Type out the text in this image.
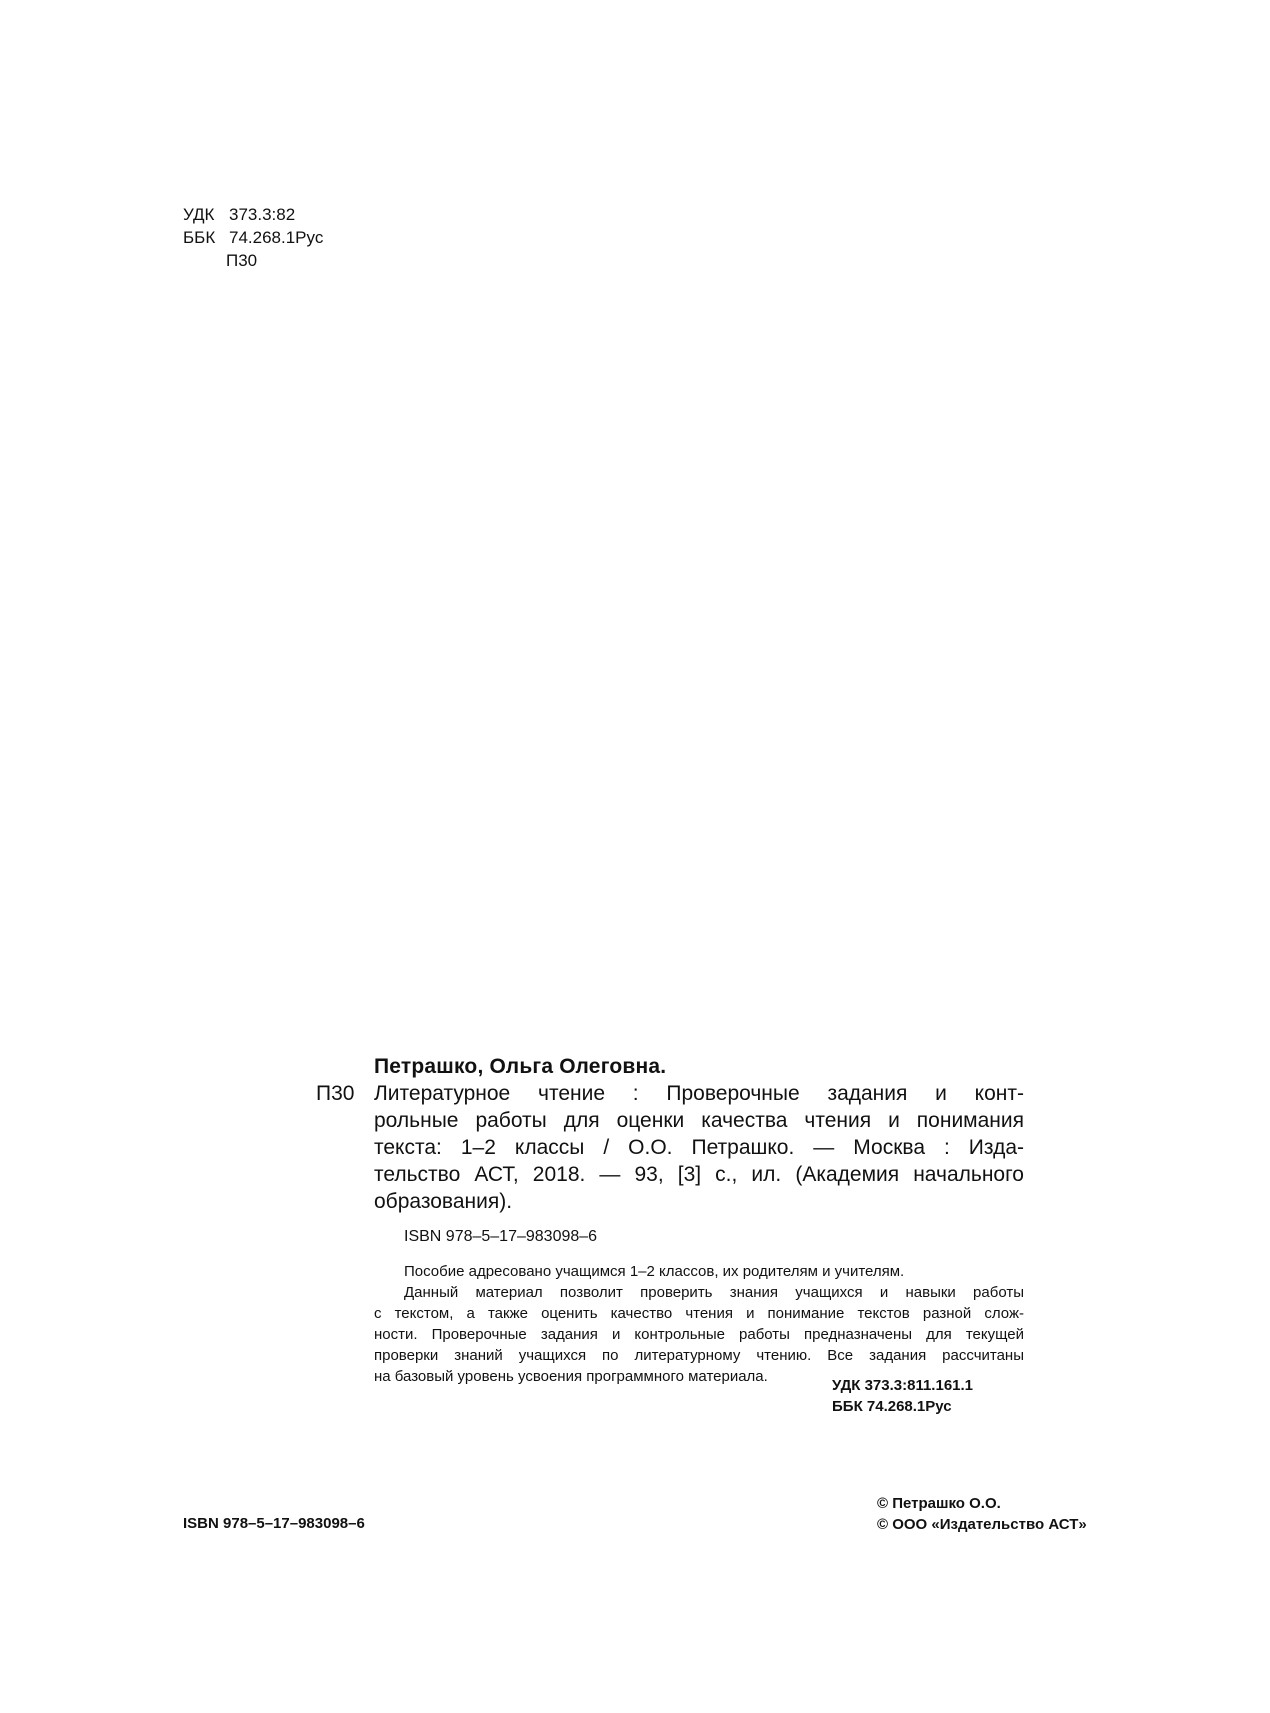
УДК 373.3:82
ББК 74.268.1Рус
П30
Петрашко, Ольга Олеговна.
П30 Литературное чтение : Проверочные задания и конт-
рольные работы для оценки качества чтения и понимания
текста: 1–2 классы / О.О. Петрашко. — Москва : Изда-
тельство АСТ, 2018. — 93, [3] с., ил. (Академия начального
образования).
ISBN 978–5–17–983098–6
Пособие адресовано учащимся 1–2 классов, их родителям и учителям.
Данный материал позволит проверить знания учащихся и навыки работы
с текстом, а также оценить качество чтения и понимание текстов разной слож-
ности. Проверочные задания и контрольные работы предназначены для текущей
проверки знаний учащихся по литературному чтению. Все задания рассчитаны
на базовый уровень усвоения программного материала.
УДК 373.3:811.161.1
ББК 74.268.1Рус
ISBN 978–5–17–983098–6
© Петрашко О.О.
© ООО «Издательство АСТ»
